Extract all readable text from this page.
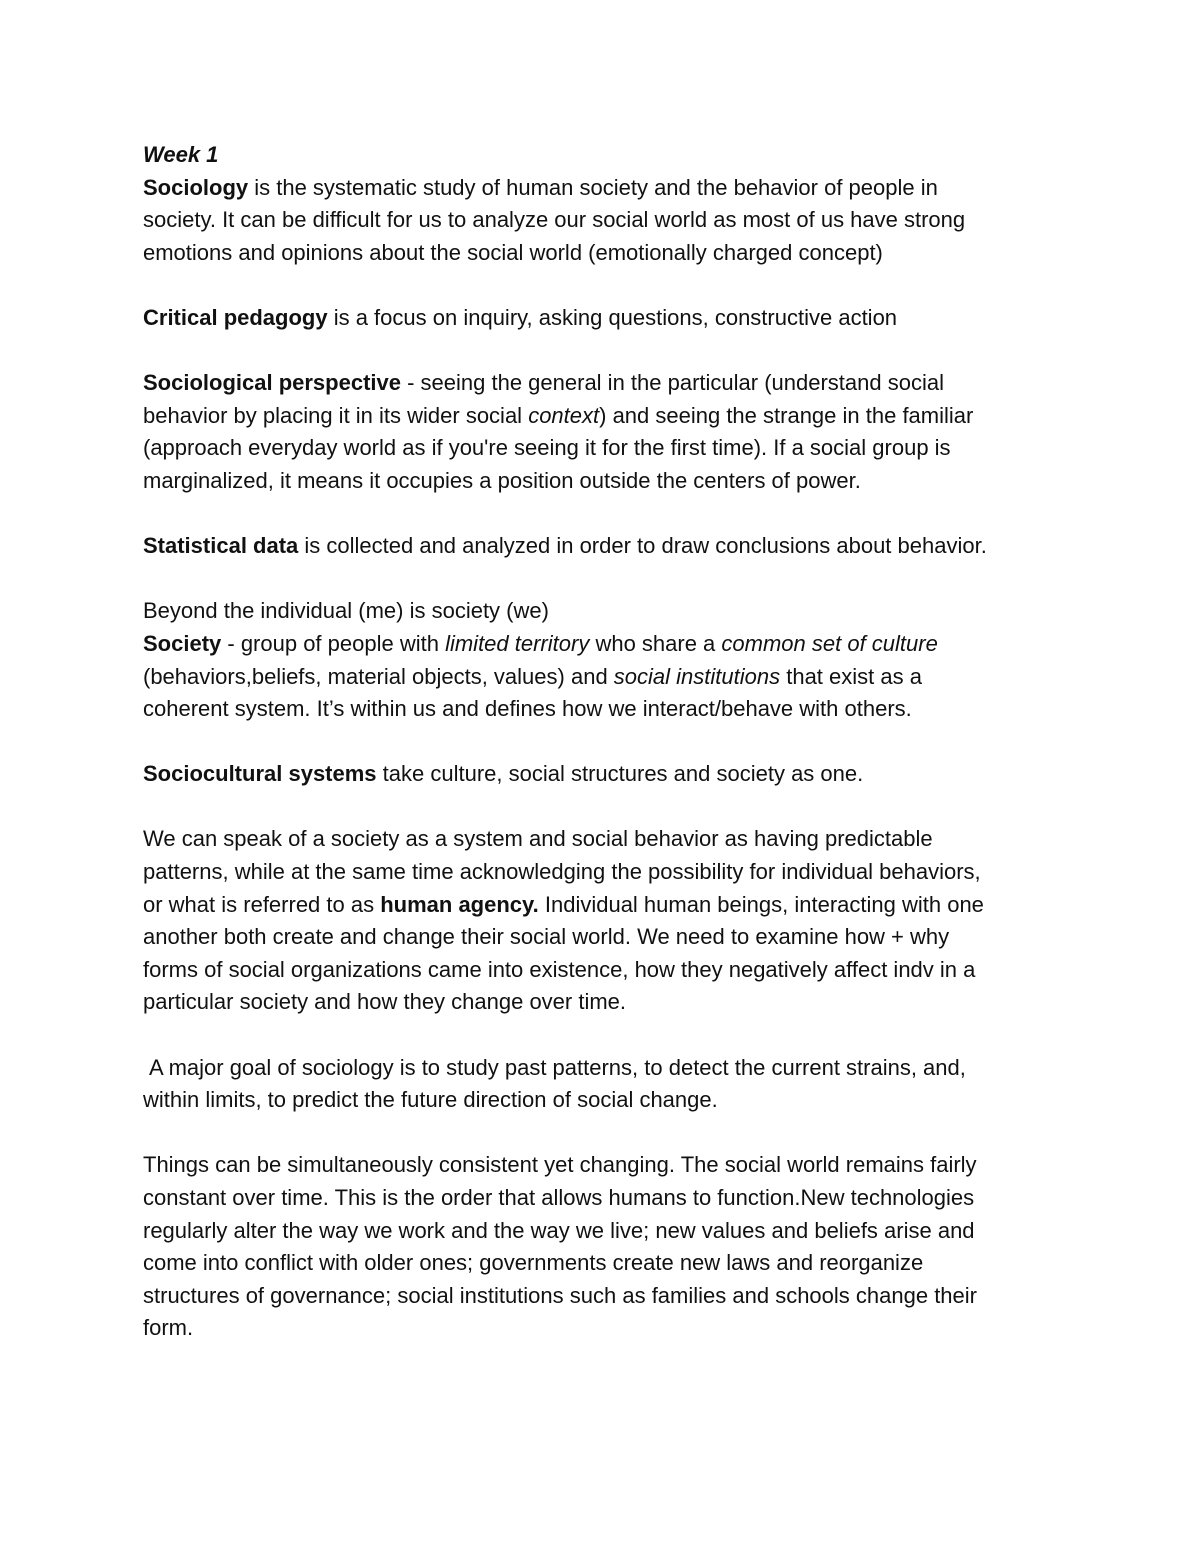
Week 1
Sociology is the systematic study of human society and the behavior of people in
society. It can be difficult for us to analyze our social world as most of us have strong
emotions and opinions about the social world (emotionally charged concept)
Critical pedagogy is a focus on inquiry, asking questions, constructive action
Sociological perspective - seeing the general in the particular (understand social
behavior by placing it in its wider social context) and seeing the strange in the familiar
(approach everyday world as if you're seeing it for the first time). If a social group is
marginalized, it means it occupies a position outside the centers of power.
Statistical data is collected and analyzed in order to draw conclusions about behavior.
Beyond the individual (me) is society (we)
Society - group of people with limited territory who share a common set of culture
(behaviors,beliefs, material objects, values) and social institutions that exist as a
coherent system. It’s within us and defines how we interact/behave with others.
Sociocultural systems take culture, social structures and society as one.
We can speak of a society as a system and social behavior as having predictable
patterns, while at the same time acknowledging the possibility for individual behaviors,
or what is referred to as human agency. Individual human beings, interacting with one
another both create and change their social world. We need to examine how + why
forms of social organizations came into existence, how they negatively affect indv in a
particular society and how they change over time.
A major goal of sociology is to study past patterns, to detect the current strains, and,
within limits, to predict the future direction of social change.
Things can be simultaneously consistent yet changing. The social world remains fairly
constant over time. This is the order that allows humans to function.New technologies
regularly alter the way we work and the way we live; new values and beliefs arise and
come into conflict with older ones; governments create new laws and reorganize
structures of governance; social institutions such as families and schools change their
form.
